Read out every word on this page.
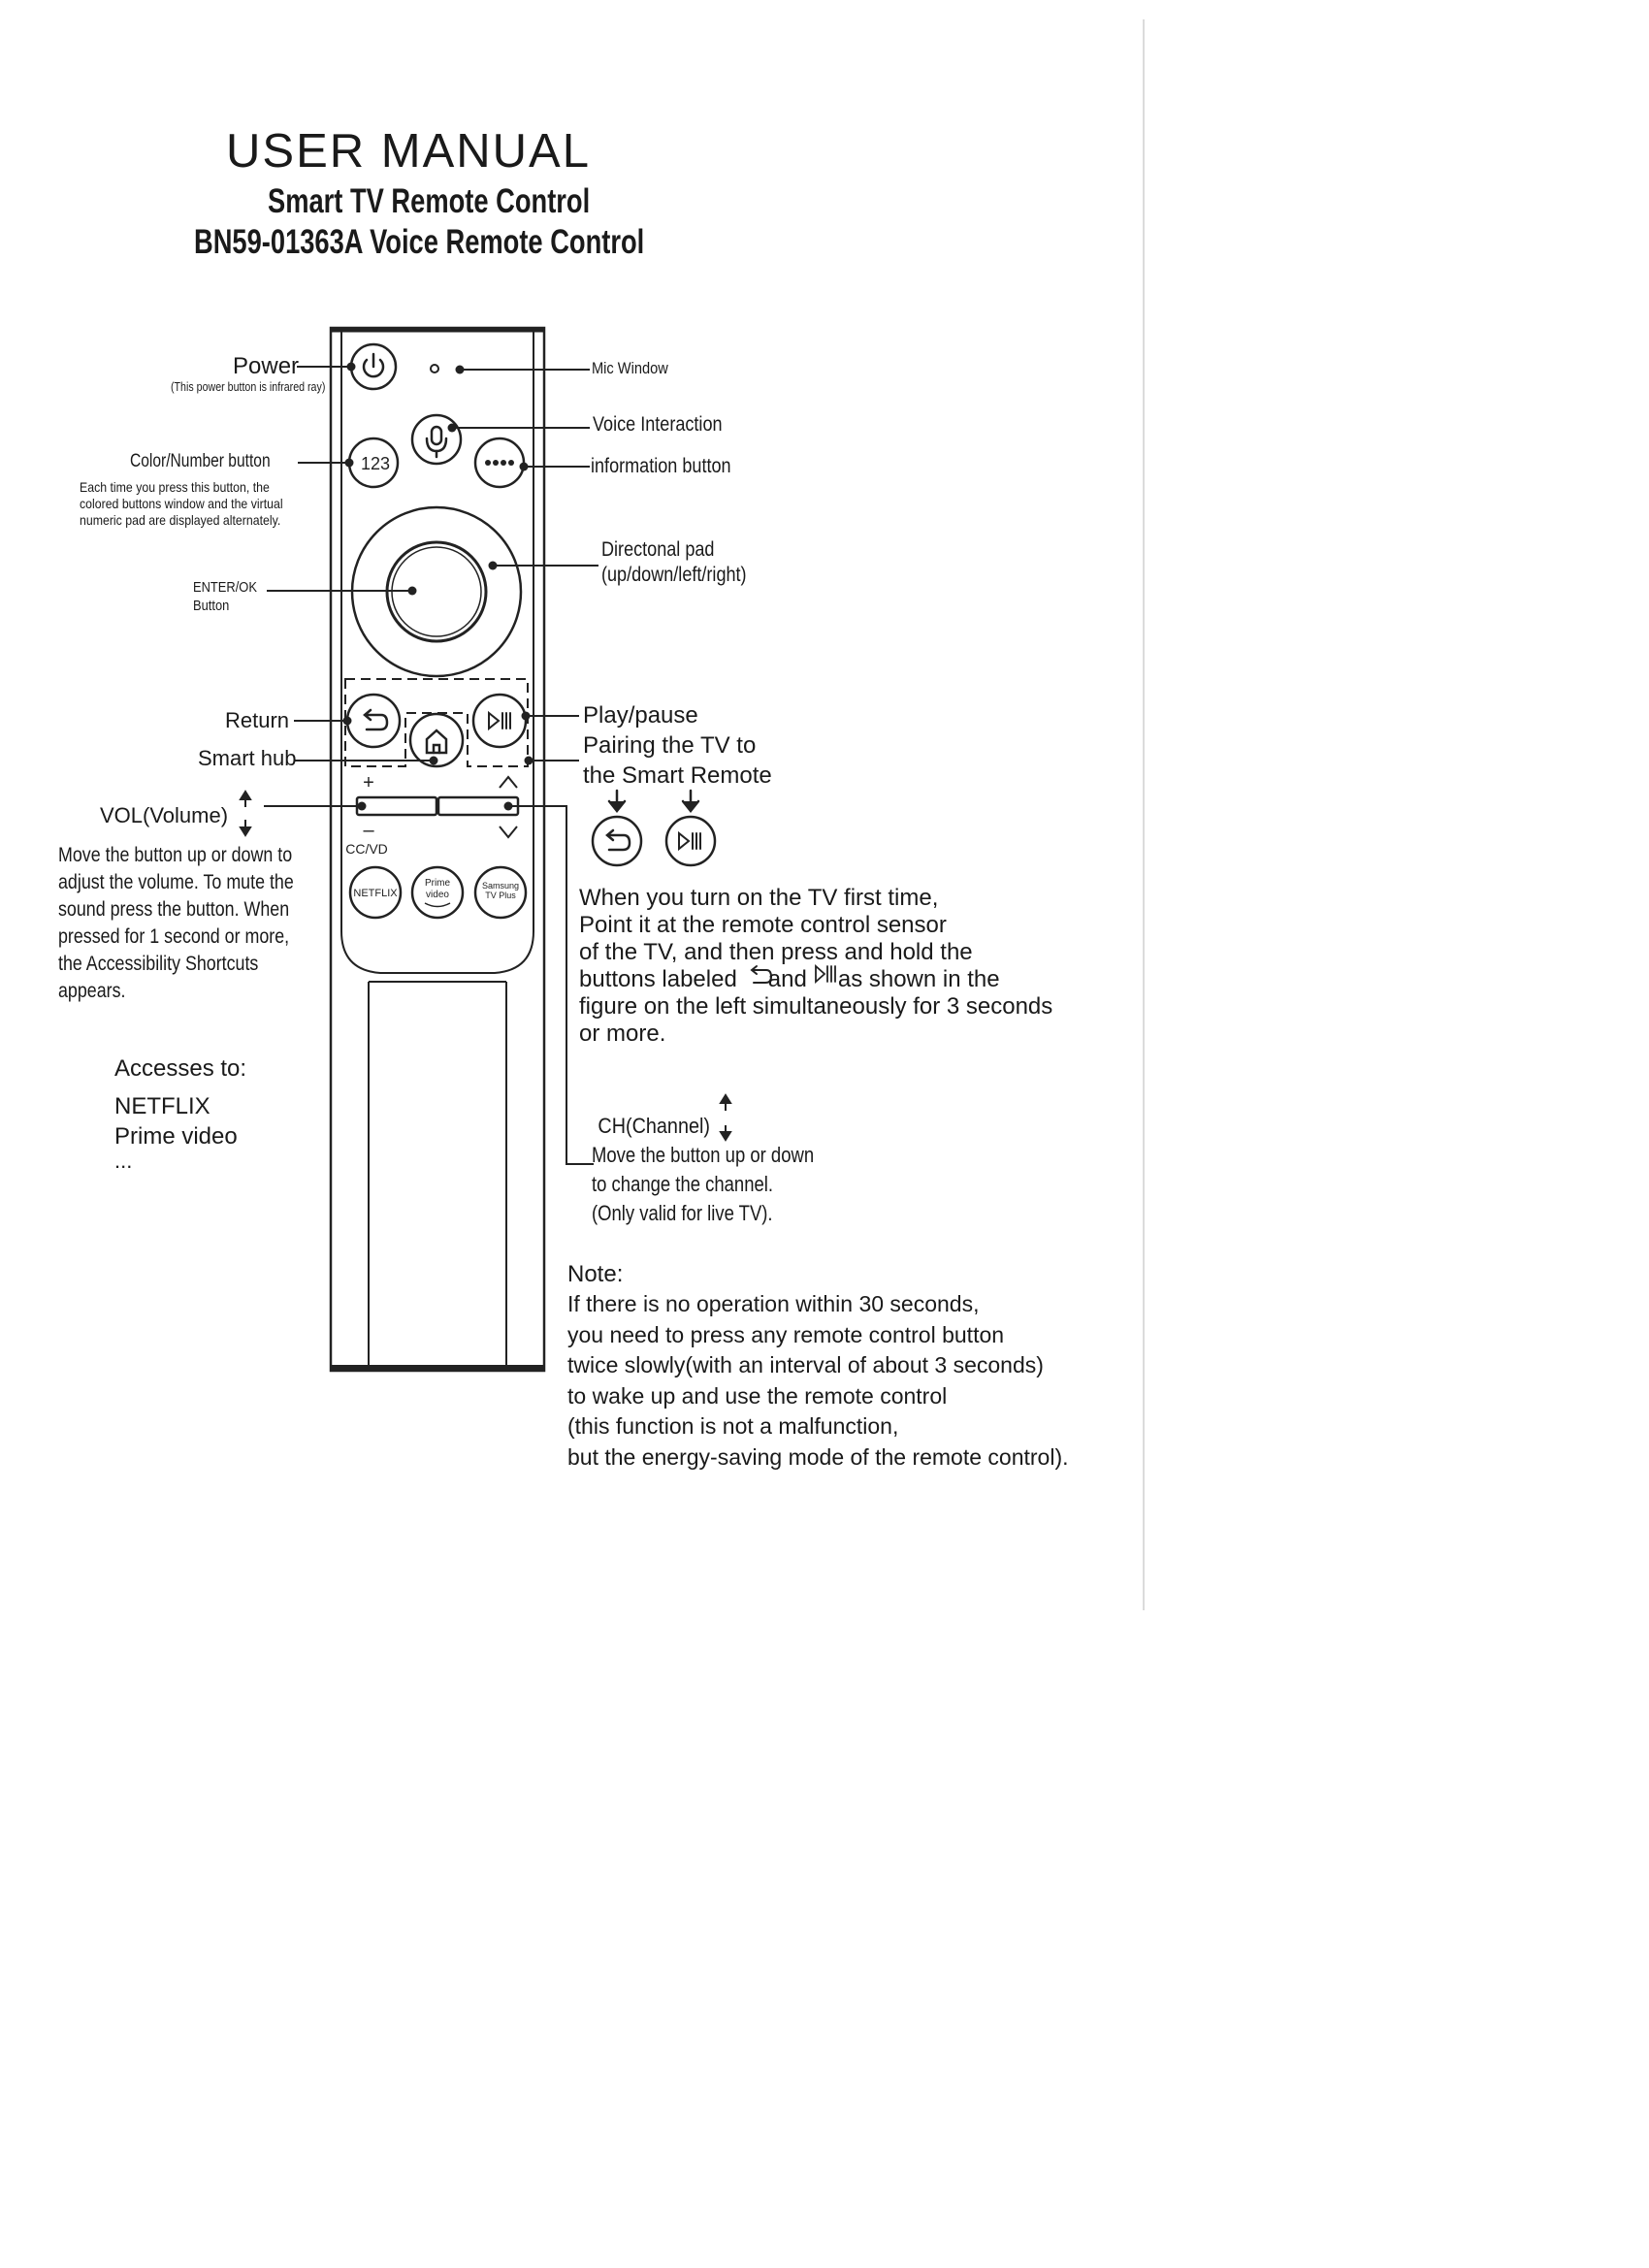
USER MANUAL
Smart TV Remote Control
BN59-01363A Voice Remote Control
123
+
–
CC/VD
NETFLIX
Prime
video
Samsung
TV Plus
Power
(This power button is infrared ray)
Color/Number button
Each time you press this button, the
colored buttons window and the virtual
numeric pad are displayed alternately.
ENTER/OK
Button
Return
Smart hub
VOL(Volume)
Move the button up or down to
adjust the volume. To mute the
sound press the button. When
pressed for 1 second or more,
the Accessibility Shortcuts
appears.
Accesses to:
NETFLIX
Prime video
...
Mic Window
Voice Interaction
information button
Directonal pad
(up/down/left/right)
Play/pause
Pairing the TV to
the Smart Remote
When you turn on the TV first time,
Point it at the remote control sensor
of the TV, and then press and hold the
buttons labeled and as shown in the
figure on the left simultaneously for 3 seconds
or more.
CH(Channel)
Move the button up or down
to change the channel.
(Only valid for live TV).
Note:
If there is no operation within 30 seconds,
you need to press any remote control button
twice slowly(with an interval of about 3 seconds)
to wake up and use the remote control
(this function is not a malfunction,
but the energy-saving mode of the remote control).
